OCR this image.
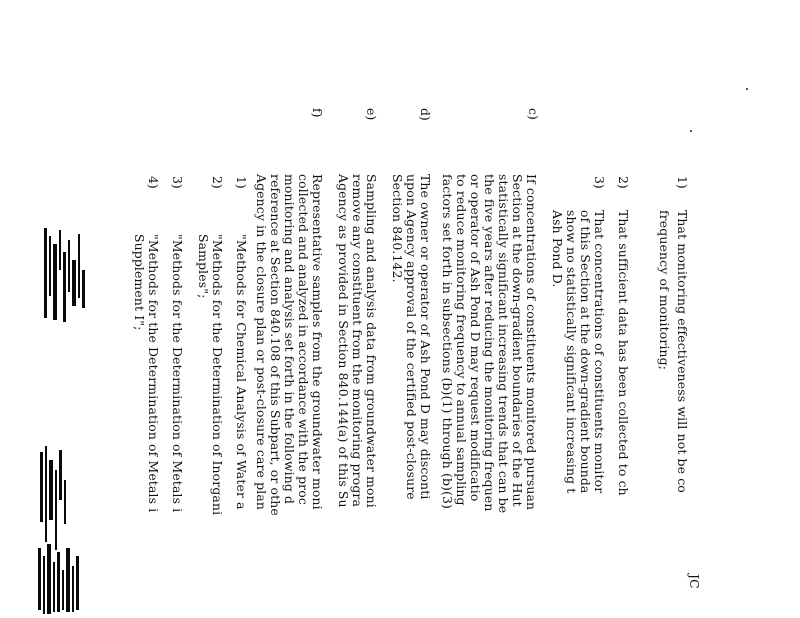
JC
1)
That monitoring effectiveness will not be co
frequency of monitoring;
2)
That sufficient data has been collected to ch
3)
That concentrations of constituents monitor
of this Section at the down-gradient bounda
show no statistically significant increasing t
Ash Pond D.
c)
If concentrations of constituents monitored pursuan
Section at the down-gradient boundaries of the Hut
statistically significant increasing trends that can be
the five years after reducing the monitoring frequen
or operator of Ash Pond D may request modificatio
to reduce monitoring frequency to annual sampling
factors set forth in subsections (b)(1) through (b)(3)
d)
The owner or operator of Ash Pond D may disconti
upon Agency approval of the certified post-closure
Section 840.142.
e)
Sampling and analysis data from groundwater moni
remove any constituent from the monitoring progra
Agency as provided in Section 840.144(a) of this Su
f)
Representative samples from the groundwater moni
collected and analyzed in accordance with the proc
monitoring and analysis set forth in the following d
reference at Section 840.108 of this Subpart, or othe
Agency in the closure plan or post-closure care plan
1)
"Methods for Chemical Analysis of Water a
2)
"Methods for the Determination of Inorgani
Samples";
3)
"Methods for the Determination of Metals i
4)
"Methods for the Determination of Metals i
Supplement I";
